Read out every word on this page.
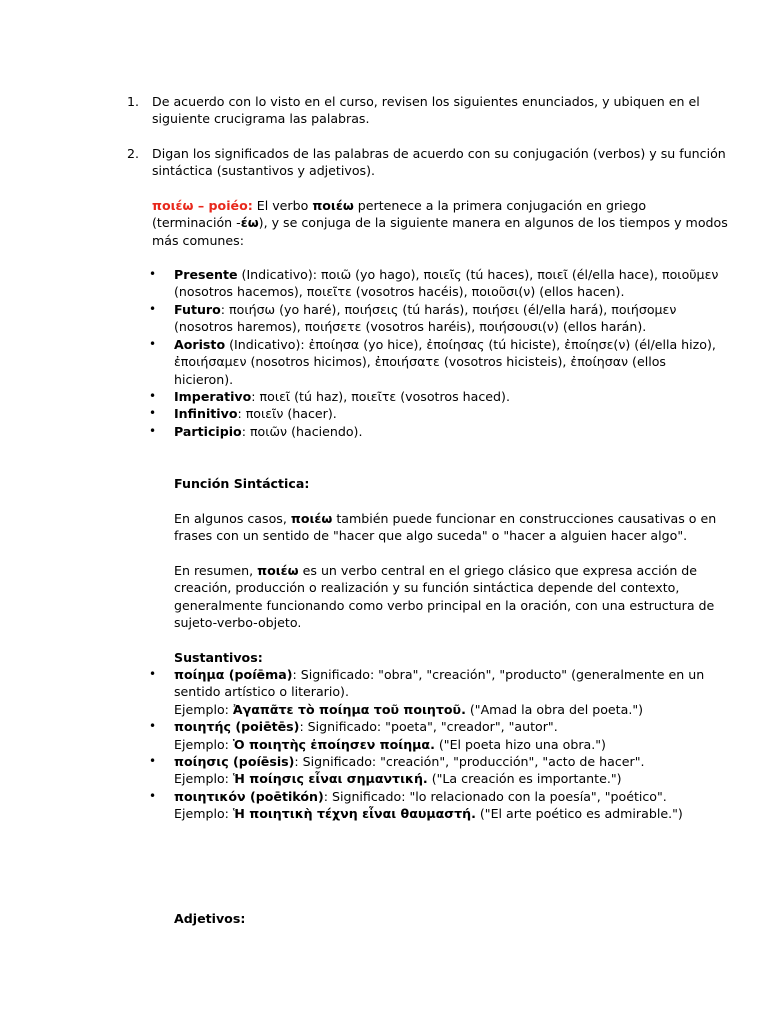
1. De acuerdo con lo visto en el curso, revisen los siguientes enunciados, y ubiquen en el
siguiente crucigrama las palabras.
2. Digan los significados de las palabras de acuerdo con su conjugación (verbos) y su función
sintáctica (sustantivos y adjetivos).
ποιέω – poiéo: El verbo ποιέω pertenece a la primera conjugación en griego
(terminación -έω), y se conjuga de la siguiente manera en algunos de los tiempos y modos
más comunes:
• Presente (Indicativo): ποιῶ (yo hago), ποιεῖς (tú haces), ποιεῖ (él/ella hace), ποιοῦμεν
(nosotros hacemos), ποιεῖτε (vosotros hacéis), ποιοῦσι(ν) (ellos hacen).
• Futuro: ποιήσω (yo haré), ποιήσεις (tú harás), ποιήσει (él/ella hará), ποιήσομεν
(nosotros haremos), ποιήσετε (vosotros haréis), ποιήσουσι(ν) (ellos harán).
• Aoristo (Indicativo): ἐποίησα (yo hice), ἐποίησας (tú hiciste), ἐποίησε(ν) (él/ella hizo),
ἐποιήσαμεν (nosotros hicimos), ἐποιήσατε (vosotros hicisteis), ἐποίησαν (ellos
hicieron).
• Imperativo: ποιεῖ (tú haz), ποιεῖτε (vosotros haced).
• Infinitivo: ποιεῖν (hacer).
• Participio: ποιῶν (haciendo).
Función Sintáctica:
En algunos casos, ποιέω también puede funcionar en construcciones causativas o en
frases con un sentido de "hacer que algo suceda" o "hacer a alguien hacer algo".
En resumen, ποιέω es un verbo central en el griego clásico que expresa acción de
creación, producción o realización y su función sintáctica depende del contexto,
generalmente funcionando como verbo principal en la oración, con una estructura de
sujeto-verbo-objeto.
Sustantivos:
• ποίημα (poíēma): Significado: "obra", "creación", "producto" (generalmente en un
sentido artístico o literario).
Ejemplo: Ἀγαπᾶτε τὸ ποίημα τοῦ ποιητοῦ. ("Amad la obra del poeta.")
• ποιητής (poiētēs): Significado: "poeta", "creador", "autor".
Ejemplo: Ὁ ποιητὴς ἐποίησεν ποίημα. ("El poeta hizo una obra.")
• ποίησις (poíēsis): Significado: "creación", "producción", "acto de hacer".
Ejemplo: Ἡ ποίησις εἶναι σημαντική. ("La creación es importante.")
• ποιητικόν (poētikón): Significado: "lo relacionado con la poesía", "poético".
Ejemplo: Ἡ ποιητικὴ τέχνη εἶναι θαυμαστή. ("El arte poético es admirable.")
Adjetivos:
